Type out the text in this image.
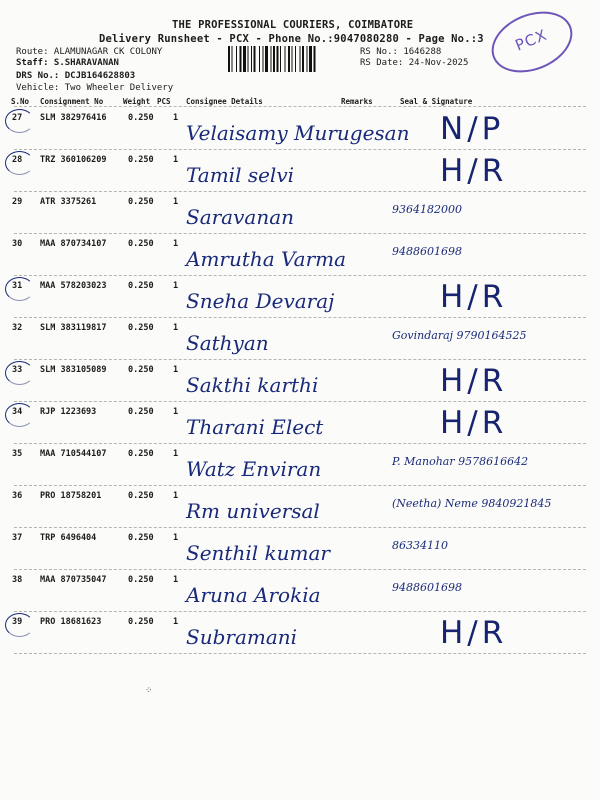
THE PROFESSIONAL COURIERS, COIMBATORE
Delivery Runsheet - PCX - Phone No.:9047080280 - Page No.:3
Route: ALAMUNAGAR CK COLONY
Staff: S.SHARAVANAN
DRS No.: DCJB164628803
Vehicle: Two Wheeler Delivery
RS No.: 1646288
RS Date: 24-Nov-2025
PCX
S.No Consignment No	Weight PCS Consignee Details	Remarks	Seal & Signature
27 SLM 382976416	0.250 1
Velaisamy Murugesan N/P
28 TRZ 360106209	0.250 1
Tamil selvi	H/R
29 ATR 3375261	0.250 1
Saravanan	9364182000
30 MAA 870734107	0.250 1
Amrutha Varma	9488601698
31 MAA 578203023	0.250 1
Sneha Devaraj	H/R
32 SLM 383119817	0.250 1
Sathyan	Govindaraj 9790164525
33 SLM 383105089	0.250 1
Sakthi karthi	H/R
34 RJP 1223693	0.250 1
Tharani Elect	H/R
35 MAA 710544107	0.250 1
Watz Enviran	P. Manohar 9578616642
36 PRO 18758201	0.250 1
Rm universal	(Neetha) Neme 9840921845
37 TRP 6496404	0.250 1
Senthil kumar	86334110
38 MAA 870735047	0.250 1
Aruna Arokia	9488601698
39 PRO 18681623	0.250 1
Subramani	H/R
⁘
